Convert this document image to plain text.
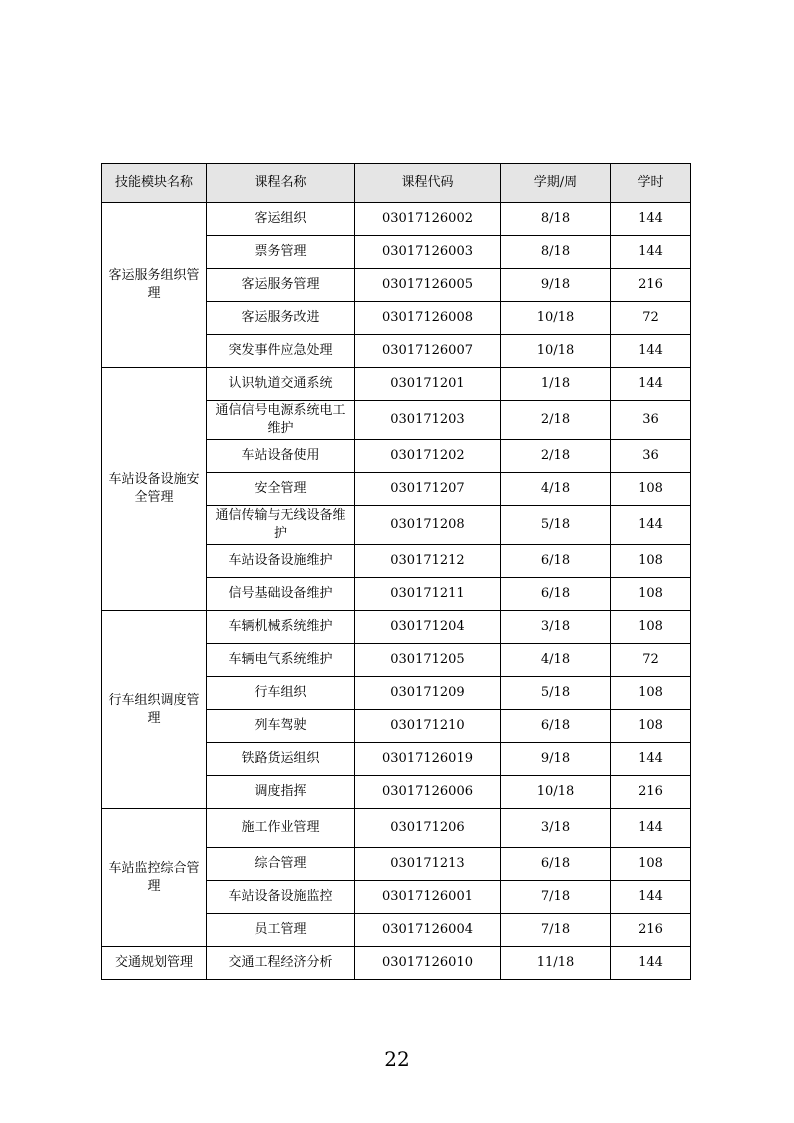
技能模块名称	课程名称	课程代码	学期/周	学时
客运服务组织管理	客运组织	03017126002	8/18	144
	票务管理	03017126003	8/18	144
	客运服务管理	03017126005	9/18	216
	客运服务改进	03017126008	10/18	72
	突发事件应急处理	03017126007	10/18	144
车站设备设施安全管理	认识轨道交通系统	030171201	1/18	144
	通信信号电源系统电工维护	030171203	2/18	36
	车站设备使用	030171202	2/18	36
	安全管理	030171207	4/18	108
	通信传输与无线设备维护	030171208	5/18	144
	车站设备设施维护	030171212	6/18	108
	信号基础设备维护	030171211	6/18	108
行车组织调度管理	车辆机械系统维护	030171204	3/18	108
	车辆电气系统维护	030171205	4/18	72
	行车组织	030171209	5/18	108
	列车驾驶	030171210	6/18	108
	铁路货运组织	03017126019	9/18	144
	调度指挥	03017126006	10/18	216
车站监控综合管理	施工作业管理	030171206	3/18	144
	综合管理	030171213	6/18	108
	车站设备设施监控	03017126001	7/18	144
	员工管理	03017126004	7/18	216
交通规划管理	交通工程经济分析	03017126010	11/18	144
22
